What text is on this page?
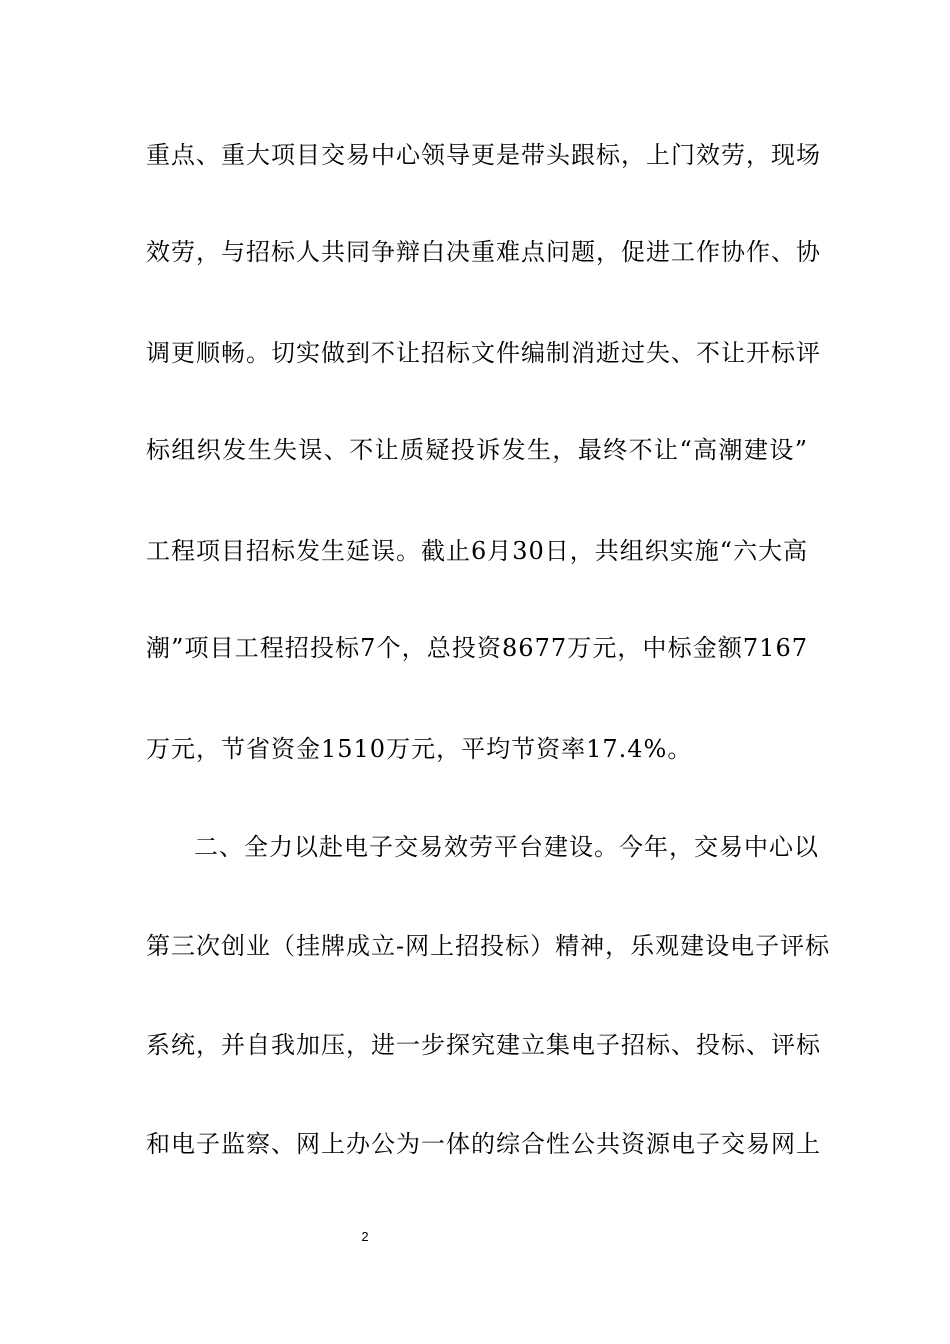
重点、重大项目交易中心领导更是带头跟标，上门效劳，现场
效劳，与招标人共同争辩白决重难点问题，促进工作协作、协
调更顺畅。切实做到不让招标文件编制消逝过失、不让开标评
标组织发生失误、不让质疑投诉发生，最终不让“高潮建设”
工程项目招标发生延误。截止6月30日，共组织实施“六大高
潮”项目工程招投标7个，总投资8677万元，中标金额7167
万元，节省资金1510万元，平均节资率17.4%。
二、全力以赴电子交易效劳平台建设。今年，交易中心以
第三次创业（挂牌成立-网上招投标）精神，乐观建设电子评标
系统，并自我加压，进一步探究建立集电子招标、投标、评标
和电子监察、网上办公为一体的综合性公共资源电子交易网上
2
